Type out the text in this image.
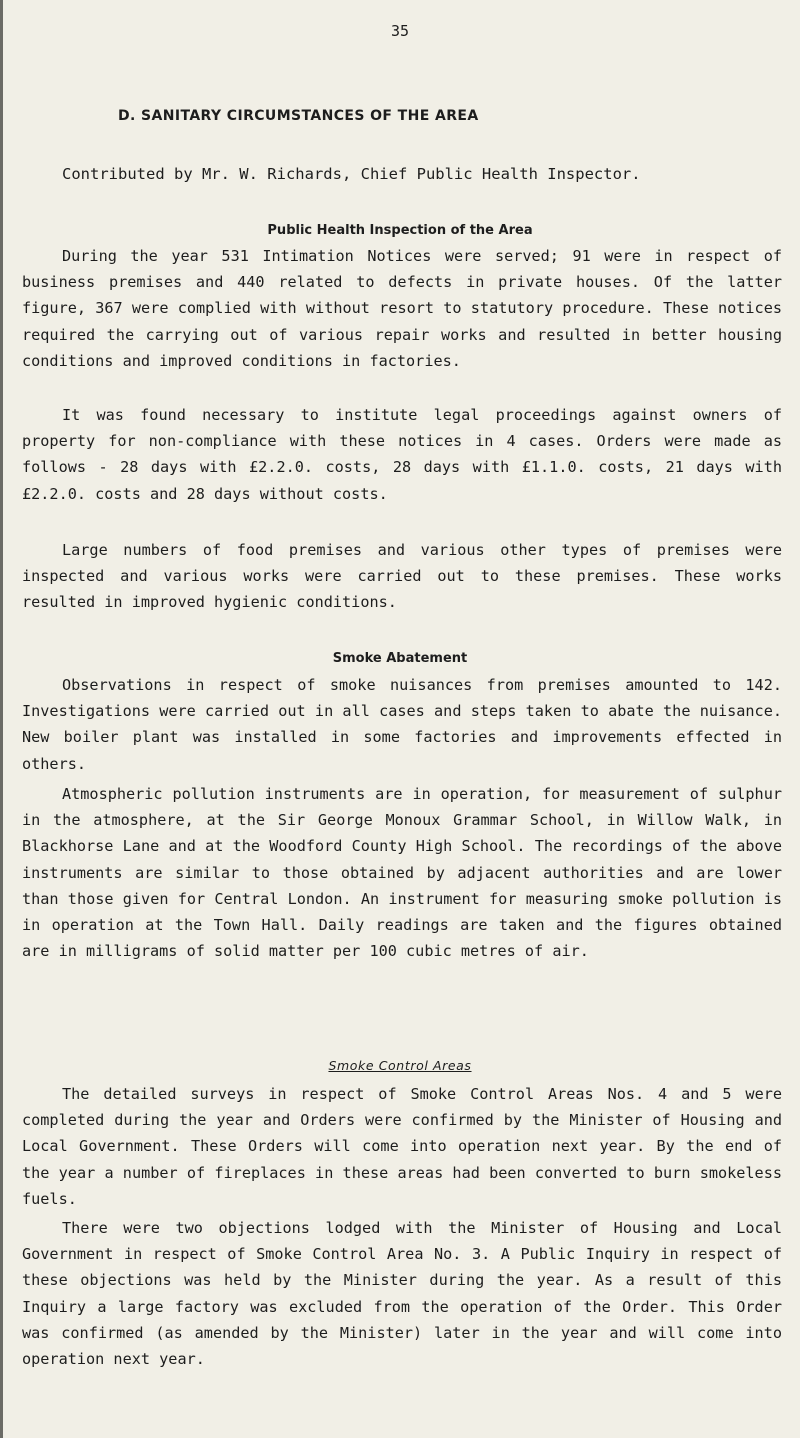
35
D. SANITARY CIRCUMSTANCES OF THE AREA
Contributed by Mr. W. Richards, Chief Public Health Inspector.
Public Health Inspection of the Area

During the year 531 Intimation Notices were served; 91 were in respect of business premises and 440 related to defects in private houses. Of the latter figure, 367 were complied with without resort to statutory procedure. These notices required the carrying out of various repair works and resulted in better housing conditions and improved conditions in factories.

It was found necessary to institute legal proceedings against owners of property for non-compliance with these notices in 4 cases. Orders were made as follows - 28 days with £2.2.0. costs, 28 days with £1.1.0. costs, 21 days with £2.2.0. costs and 28 days without costs.

Large numbers of food premises and various other types of premises were inspected and various works were carried out to these premises. These works resulted in improved hygienic conditions.

Smoke Abatement

Observations in respect of smoke nuisances from premises amounted to 142. Investigations were carried out in all cases and steps taken to abate the nuisance. New boiler plant was installed in some factories and improvements effected in others.

Atmospheric pollution instruments are in operation, for measurement of sulphur in the atmosphere, at the Sir George Monoux Grammar School, in Willow Walk, in Blackhorse Lane and at the Woodford County High School. The recordings of the above instruments are similar to those obtained by adjacent authorities and are lower than those given for Central London. An instrument for measuring smoke pollution is in operation at the Town Hall. Daily readings are taken and the figures obtained are in milligrams of solid matter per 100 cubic metres of air.

Smoke Control Areas

The detailed surveys in respect of Smoke Control Areas Nos. 4 and 5 were completed during the year and Orders were confirmed by the Minister of Housing and Local Government. These Orders will come into operation next year. By the end of the year a number of fireplaces in these areas had been converted to burn smokeless fuels.

There were two objections lodged with the Minister of Housing and Local Government in respect of Smoke Control Area No. 3. A Public Inquiry in respect of these objections was held by the Minister during the year. As a result of this Inquiry a large factory was excluded from the operation of the Order. This Order was confirmed (as amended by the Minister) later in the year and will come into operation next year.
